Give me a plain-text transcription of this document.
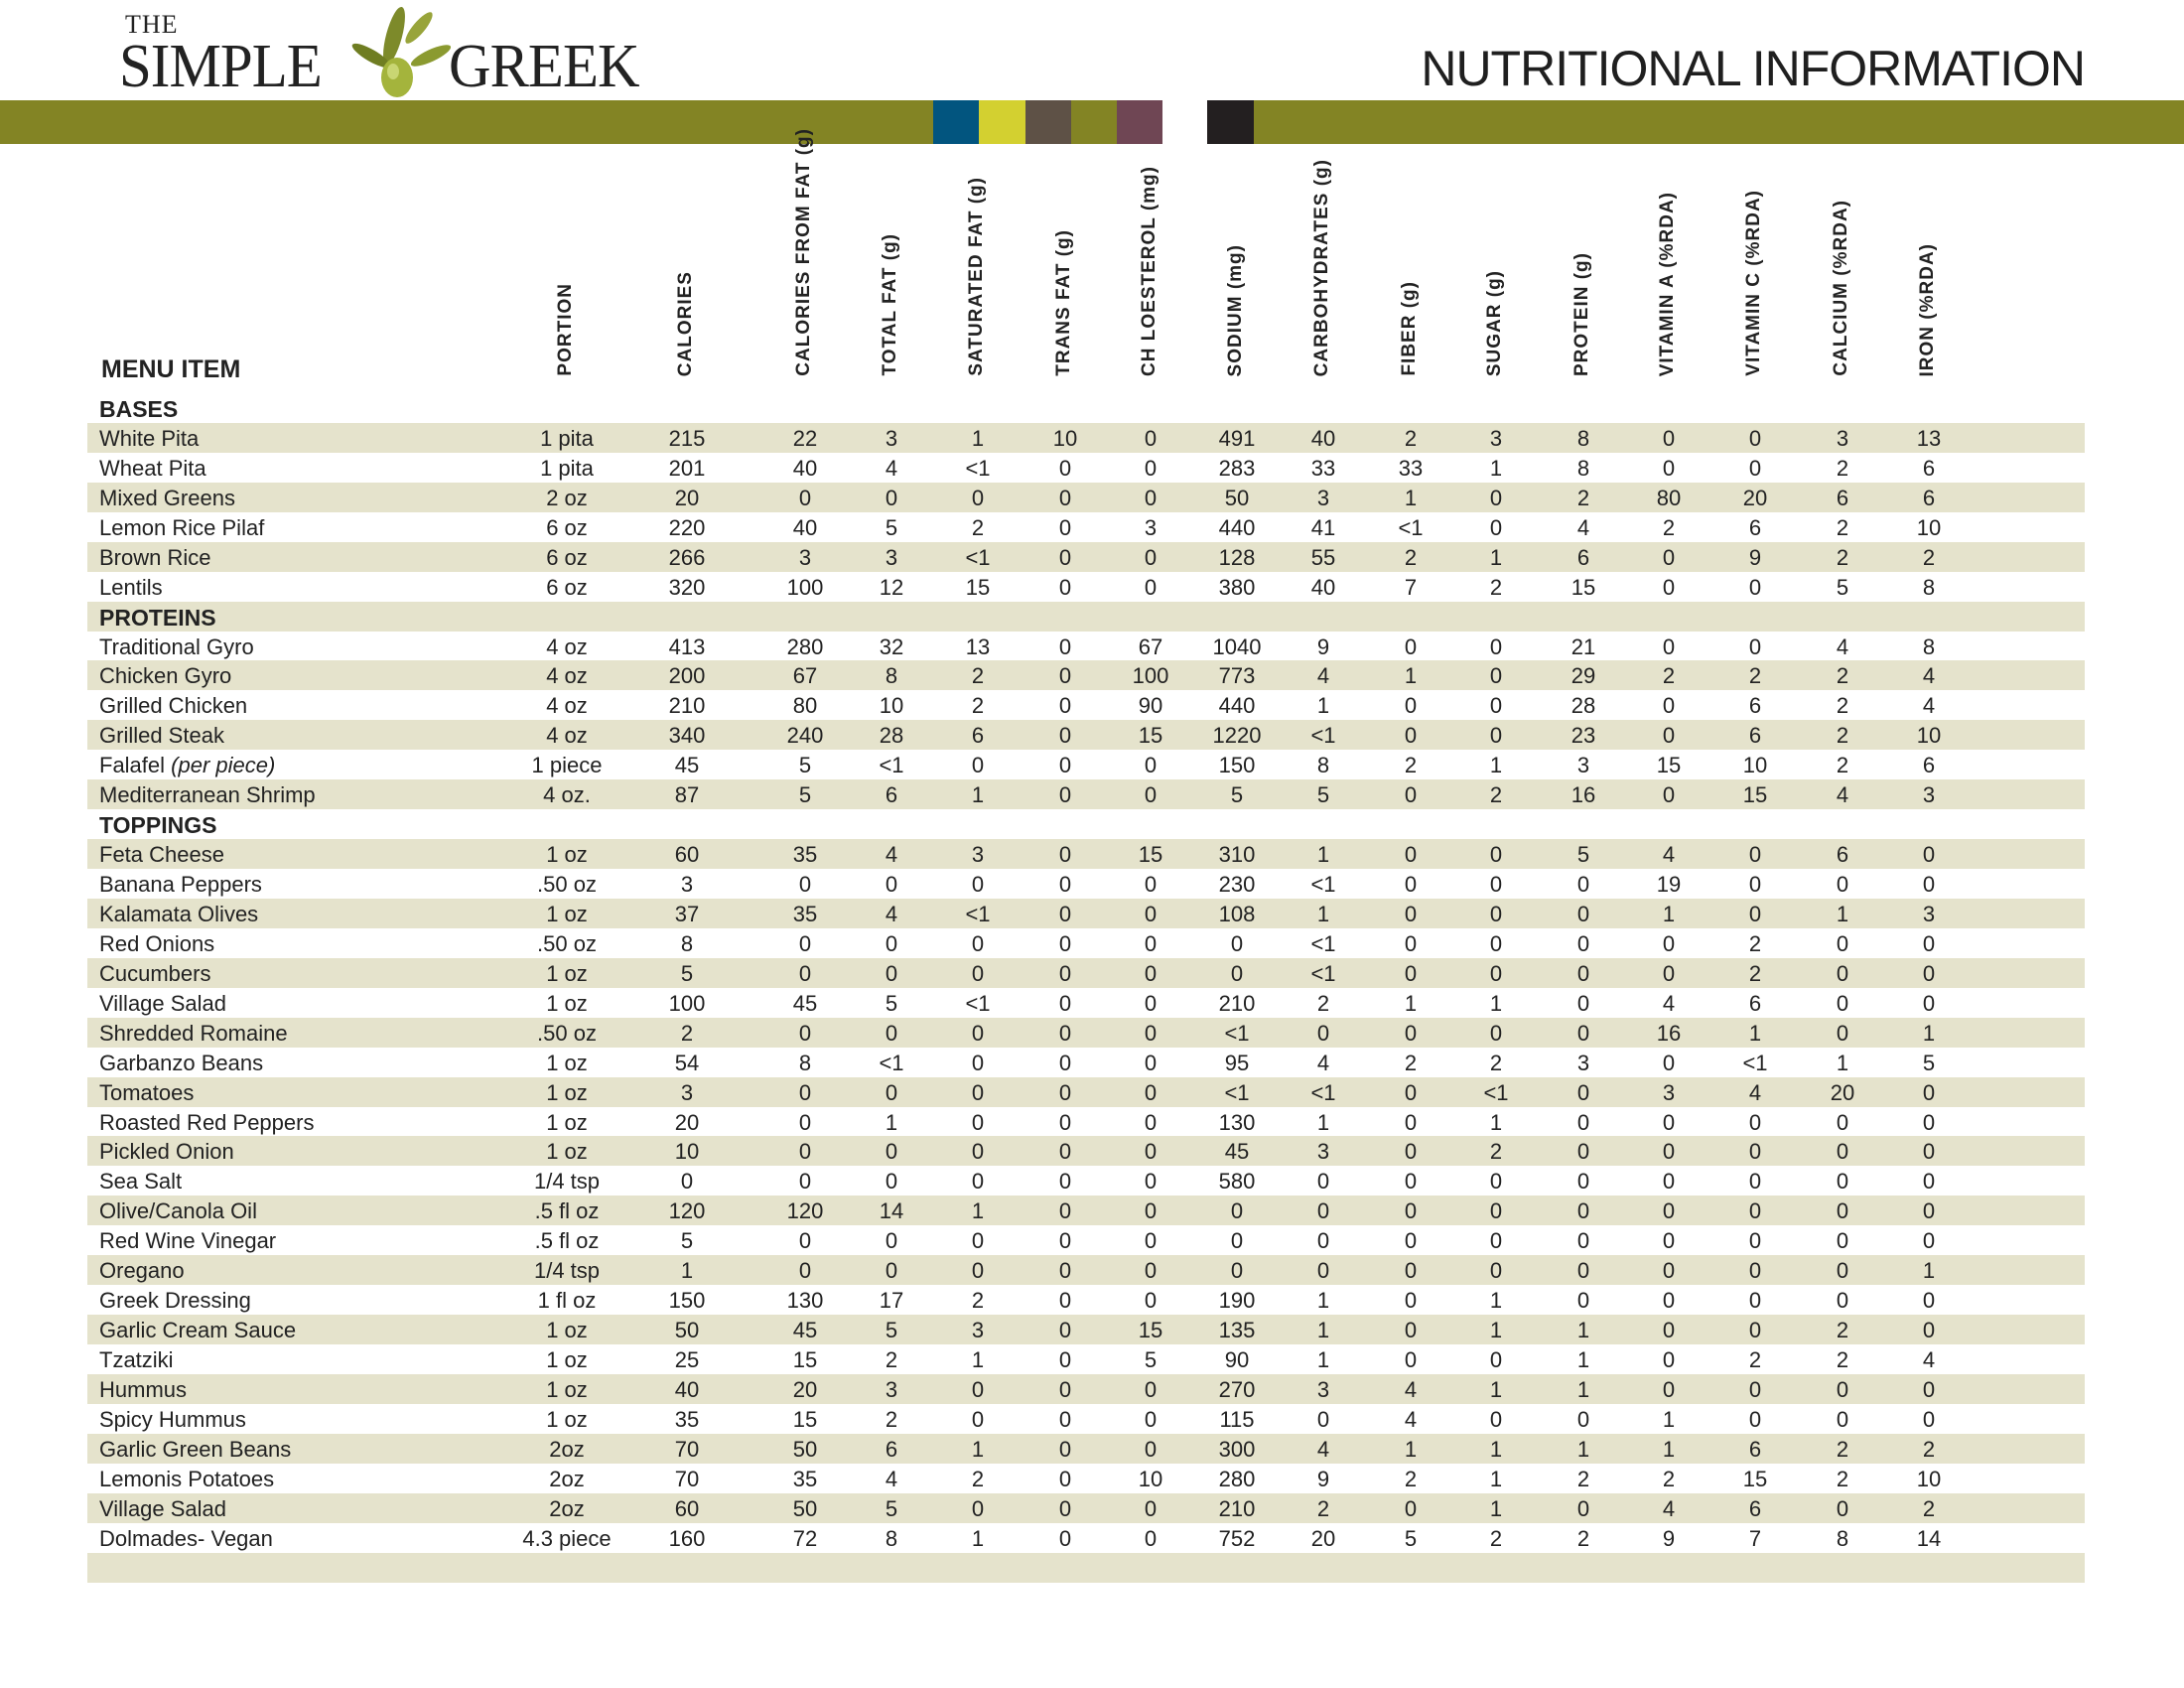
THE
SIMPLE GREEK	NUTRITIONAL INFORMATION
MENU ITEM	PORTION	CALORIES	CALORIES FROM FAT (g)	TOTAL FAT (g)	SATURATED FAT (g)	TRANS FAT (g)	CH LOESTEROL (mg)	SODIUM (mg)	CARBOHYDRATES (g)	FIBER (g)	SUGAR (g)	PROTEIN (g)	VITAMIN A (%RDA)	VITAMIN C (%RDA)	CALCIUM (%RDA)	IRON (%RDA)
BASES
White Pita	1 pita	215	22	3	1	10	0	491	40	2	3	8	0	0	3	13
Wheat Pita	1 pita	201	40	4	<1	0	0	283	33	33	1	8	0	0	2	6
Mixed Greens	2 oz	20	0	0	0	0	0	50	3	1	0	2	80	20	6	6
Lemon Rice Pilaf	6 oz	220	40	5	2	0	3	440	41	<1	0	4	2	6	2	10
Brown Rice	6 oz	266	3	3	<1	0	0	128	55	2	1	6	0	9	2	2
Lentils	6 oz	320	100	12	15	0	0	380	40	7	2	15	0	0	5	8
PROTEINS
Traditional Gyro	4 oz	413	280	32	13	0	67	1040	9	0	0	21	0	0	4	8
Chicken Gyro	4 oz	200	67	8	2	0	100	773	4	1	0	29	2	2	2	4
Grilled Chicken	4 oz	210	80	10	2	0	90	440	1	0	0	28	0	6	2	4
Grilled Steak	4 oz	340	240	28	6	0	15	1220	<1	0	0	23	0	6	2	10
Falafel (per piece)	1 piece	45	5	<1	0	0	0	150	8	2	1	3	15	10	2	6
Mediterranean Shrimp	4 oz.	87	5	6	1	0	0	5	5	0	2	16	0	15	4	3
TOPPINGS
Feta Cheese	1 oz	60	35	4	3	0	15	310	1	0	0	5	4	0	6	0
Banana Peppers	.50 oz	3	0	0	0	0	0	230	<1	0	0	0	19	0	0	0
Kalamata Olives	1 oz	37	35	4	<1	0	0	108	1	0	0	0	1	0	1	3
Red Onions	.50 oz	8	0	0	0	0	0	0	<1	0	0	0	0	2	0	0
Cucumbers	1 oz	5	0	0	0	0	0	0	<1	0	0	0	0	2	0	0
Village Salad	1 oz	100	45	5	<1	0	0	210	2	1	1	0	4	6	0	0
Shredded Romaine	.50 oz	2	0	0	0	0	0	<1	0	0	0	0	16	1	0	1
Garbanzo Beans	1 oz	54	8	<1	0	0	0	95	4	2	2	3	0	<1	1	5
Tomatoes	1 oz	3	0	0	0	0	0	<1	<1	0	<1	0	3	4	20	0
Roasted Red Peppers	1 oz	20	0	1	0	0	0	130	1	0	1	0	0	0	0	0
Pickled Onion	1 oz	10	0	0	0	0	0	45	3	0	2	0	0	0	0	0
Sea Salt	1/4 tsp	0	0	0	0	0	0	580	0	0	0	0	0	0	0	0
Olive/Canola Oil	.5 fl oz	120	120	14	1	0	0	0	0	0	0	0	0	0	0	0
Red Wine Vinegar	.5 fl oz	5	0	0	0	0	0	0	0	0	0	0	0	0	0	0
Oregano	1/4 tsp	1	0	0	0	0	0	0	0	0	0	0	0	0	0	1
Greek Dressing	1 fl oz	150	130	17	2	0	0	190	1	0	1	0	0	0	0	0
Garlic Cream Sauce	1 oz	50	45	5	3	0	15	135	1	0	1	1	0	0	2	0
Tzatziki	1 oz	25	15	2	1	0	5	90	1	0	0	1	0	2	2	4
Hummus	1 oz	40	20	3	0	0	0	270	3	4	1	1	0	0	0	0
Spicy Hummus	1 oz	35	15	2	0	0	0	115	0	4	0	0	1	0	0	0
Garlic Green Beans	2oz	70	50	6	1	0	0	300	4	1	1	1	1	6	2	2
Lemonis Potatoes	2oz	70	35	4	2	0	10	280	9	2	1	2	2	15	2	10
Village Salad	2oz	60	50	5	0	0	0	210	2	0	1	0	4	6	0	2
Dolmades- Vegan	4.3 piece	160	72	8	1	0	0	752	20	5	2	2	9	7	8	14
